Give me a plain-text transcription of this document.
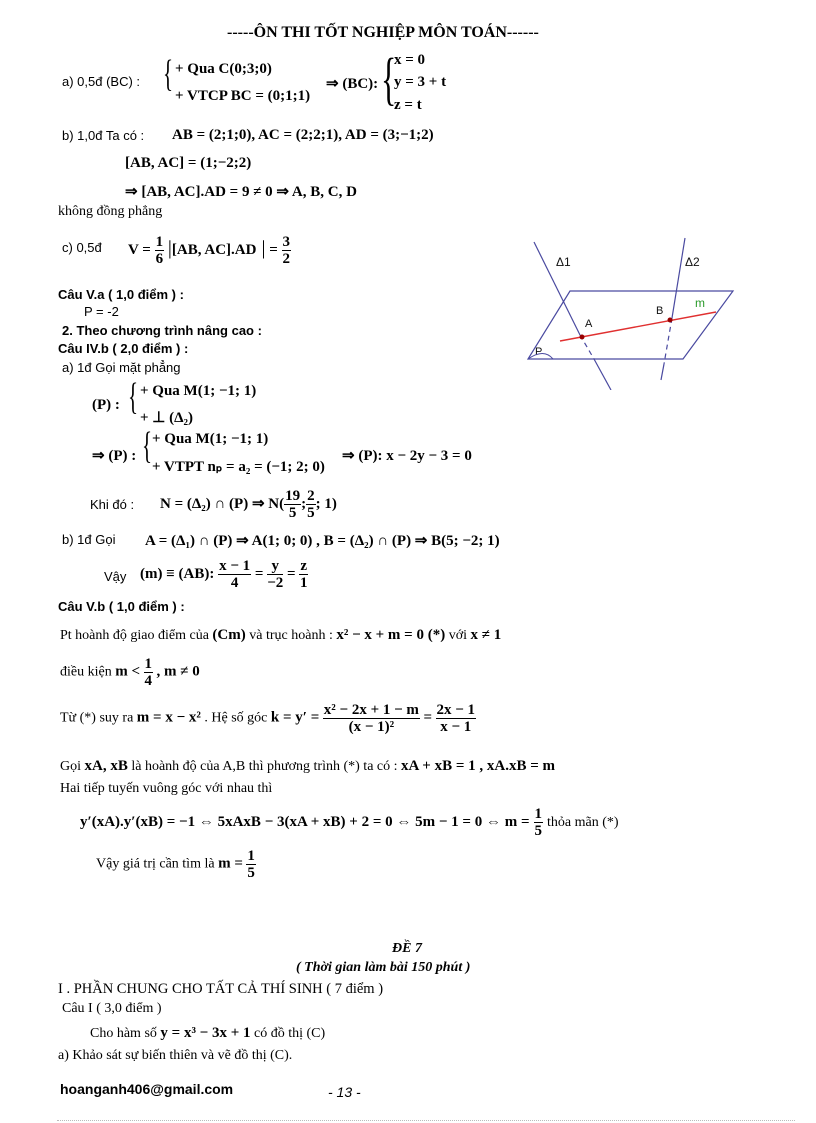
-----ÔN THI TỐT NGHIỆP MÔN TOÁN------
a) 0,5đ (BC) : { + Qua C(0;3;0)
+ VTCP BC = (0;1;1)
⇒ (BC): {
x = 0
y = 3 + t
z = t
b) 1,0đ Ta có : AB = (2;1;0), AC = (2;2;1), AD = (3;−1;2)
[AB, AC] = (1;−2;2)
⇒ [AB, AC].AD = 9 ≠ 0 ⇒ A, B, C, D
không đồng phẳng
c) 0,5đ $V = \frac{1}{6} |[AB$, AC].AD | = $\frac{3}{2}$
Câu V.a ( 1,0 điểm ) :
P = -2
2. Theo chương trình nâng cao :
Câu IV.b ( 2,0 điểm ) :
a) 1đ Gọi mặt phẳng
(P) : { + Qua M(1; −1; 1)
+ ⊥ (Δ₂)
⇒ (P) : { + Qua M(1; −1; 1)
+ VTPT nₚ = a₂ = (−1; 2; 0)
⇒ (P): x − 2y − 3 = 0
Khi đó : N = (Δ₂) ∩ (P) ⇒ $N( \frac{19}{5}$ ; $\frac{2}{5}$ ; 1)
b) 1đ Gọi A = (Δ₁) ∩ (P) ⇒ A(1; 0; 0) , B = (Δ₂) ∩ (P) ⇒ B(5; −2; 1)
Vậy (m) ≡ (AB): $\frac{x - 1}{4} = \frac{y}{-2} = \frac{z}{1}$
Câu V.b ( 1,0 điểm ) :
Pt hoành độ giao điểm của (Cm) và trục hoành : x² − x + m = 0 (*) với x ≠ 1
điều kiện $m < \frac{1}{4}$ , m ≠ 0
Từ (*) suy ra m = x − x² . Hệ số góc $k = y' = \frac{\text{x² − 2x + 1 − m}}{\text{(x − 1)²}} = \frac{2x - 1}{x - 1}$
Gọi xA, xB là hoành độ của A,B thì phương trình (*) ta có : xA + xB = 1 , xA.xB = m
Hai tiếp tuyến vuông góc với nhau thì
y′(xA).y′(xB) = −1 ⇔ 5xAxB − 3(xA + xB) + 2 = 0 ⇔ 5m − 1 = 0 ⇔ $m = \frac{1}{5}$ thỏa mãn (*)
Vậy giá trị cần tìm là $m = \frac{1}{5}$
ĐỀ 7
( Thời gian làm bài 150 phút )
I . PHẦN CHUNG CHO TẤT CẢ THÍ SINH ( 7 điểm )
Câu I ( 3,0 điểm )
Cho hàm số y = x³ − 3x + 1 có đồ thị (C)
a) Khảo sát sự biến thiên và vẽ đồ thị (C).
Δ1	Δ2
m
A
B
P
hoanganh406@gmail.com	- 13 -
